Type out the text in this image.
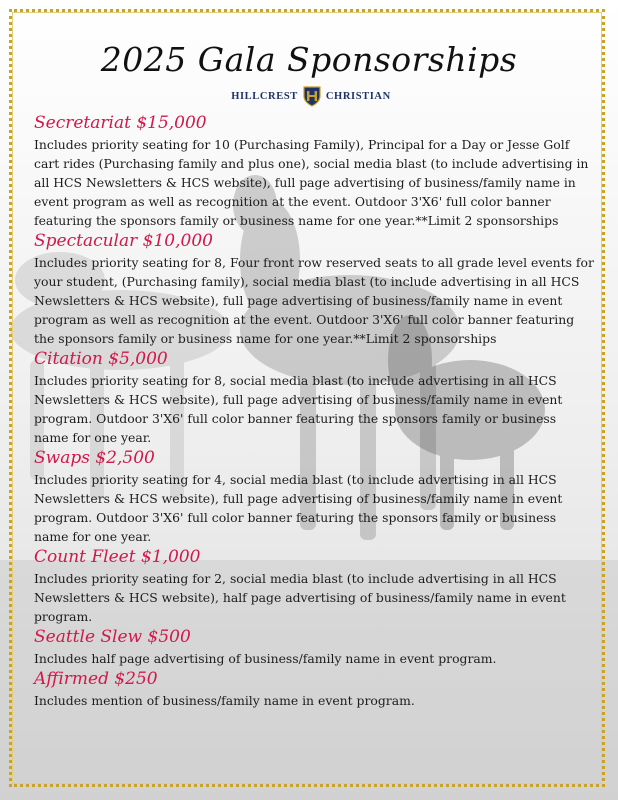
2025 Gala Sponsorships
HILLCREST	CHRISTIAN
Secretariat $15,000

Includes priority seating for 10 (Purchasing Family), Principal for a Day or Jesse Golf cart rides (Purchasing family and plus one), social media blast (to include advertising in all HCS Newsletters & HCS website), full page advertising of business/family name in event program as well as recognition at the event. Outdoor 3'X6' full color banner featuring the sponsors family or business name for one year.**Limit 2 sponsorships

Spectacular $10,000

Includes priority seating for 8, Four front row reserved seats to all grade level events for your student, (Purchasing family), social media blast (to include advertising in all HCS Newsletters & HCS website), full page advertising of business/family name in event program as well as recognition at the event. Outdoor 3'X6' full color banner featuring the sponsors family or business name for one year.**Limit 2 sponsorships

Citation $5,000

Includes priority seating for 8, social media blast (to include advertising in all HCS Newsletters & HCS website), full page advertising of business/family name in event program. Outdoor 3'X6' full color banner featuring the sponsors family or business name for one year.

Swaps $2,500

Includes priority seating for 4, social media blast (to include advertising in all HCS Newsletters & HCS website), full page advertising of business/family name in event program. Outdoor 3'X6' full color banner featuring the sponsors family or business name for one year.

Count Fleet $1,000

Includes priority seating for 2, social media blast (to include advertising in all HCS Newsletters & HCS website), half page advertising of business/family name in event program.

Seattle Slew $500

Includes half page advertising of business/family name in event program.

Affirmed $250

Includes mention of business/family name in event program.
